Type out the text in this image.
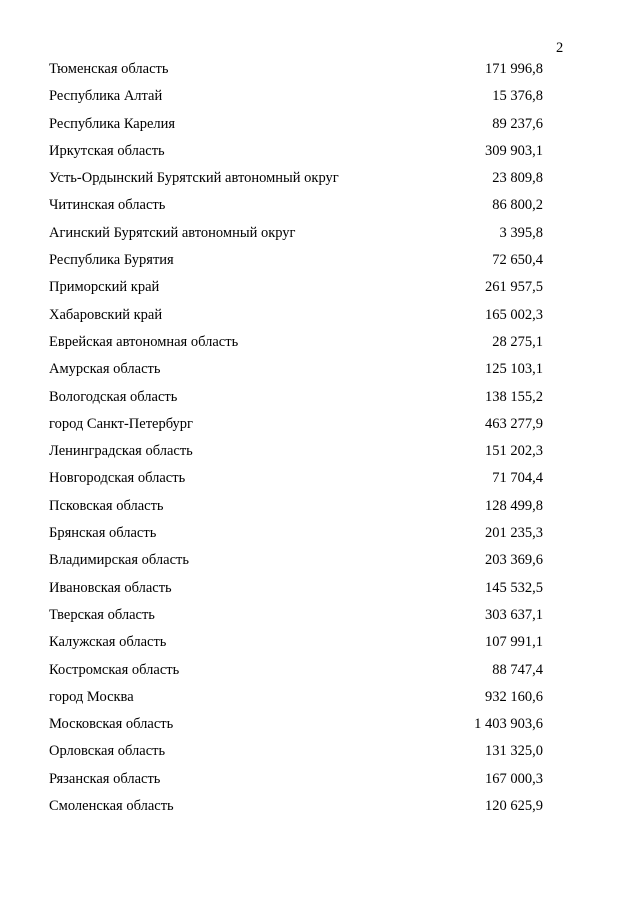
2
Тюменская область	171 996,8
Республика Алтай	15 376,8
Республика Карелия	89 237,6
Иркутская область	309 903,1
Усть-Ордынский Бурятский автономный округ	23 809,8
Читинская область	86 800,2
Агинский Бурятский автономный округ	3 395,8
Республика Бурятия	72 650,4
Приморский край	261 957,5
Хабаровский край	165 002,3
Еврейская автономная область	28 275,1
Амурская область	125 103,1
Вологодская область	138 155,2
город Санкт-Петербург	463 277,9
Ленинградская область	151 202,3
Новгородская область	71 704,4
Псковская область	128 499,8
Брянская область	201 235,3
Владимирская область	203 369,6
Ивановская область	145 532,5
Тверская область	303 637,1
Калужская область	107 991,1
Костромская область	88 747,4
город Москва	932 160,6
Московская область	1 403 903,6
Орловская область	131 325,0
Рязанская область	167 000,3
Смоленская область	120 625,9
